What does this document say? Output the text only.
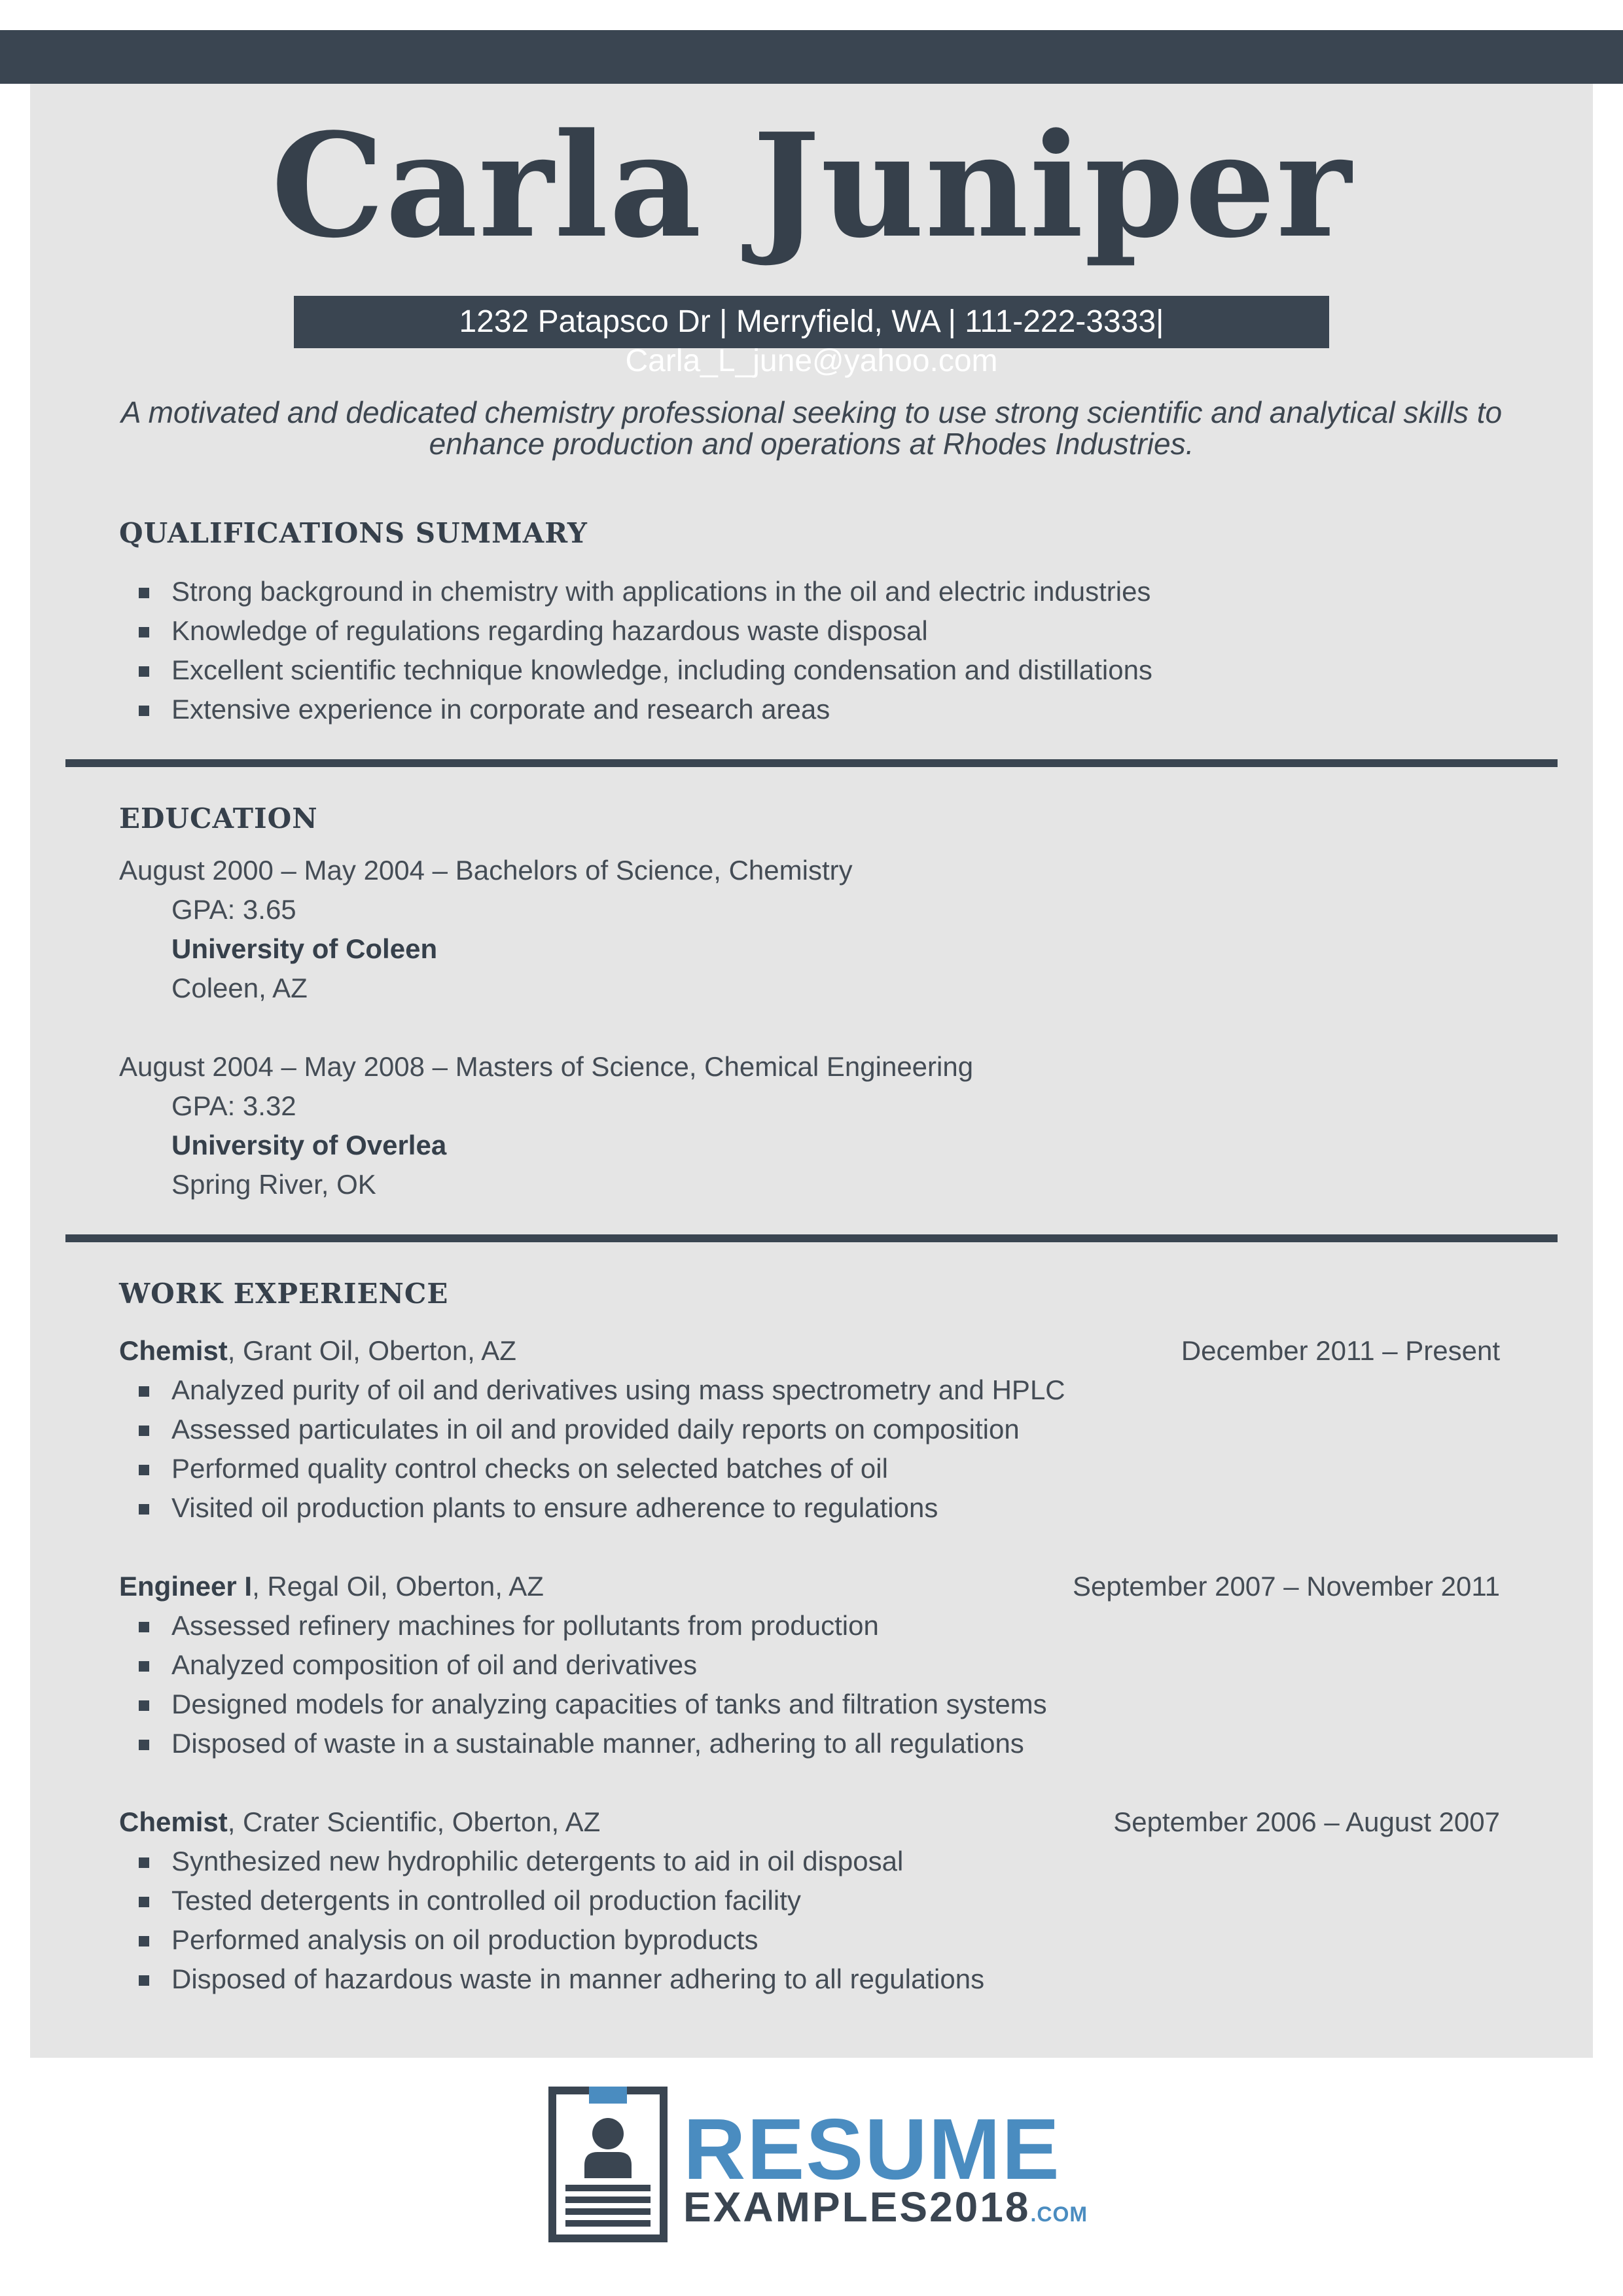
Carla Juniper
1232 Patapsco Dr | Merryfield, WA | 111-222-3333| Carla_L_june@yahoo.com
A motivated and dedicated chemistry professional seeking to use strong scientific and analytical skills to
enhance production and operations at Rhodes Industries.
QUALIFICATIONS SUMMARY
Strong background in chemistry with applications in the oil and electric industries
Knowledge of regulations regarding hazardous waste disposal
Excellent scientific technique knowledge, including condensation and distillations
Extensive experience in corporate and research areas
EDUCATION
August 2000 – May 2004 – Bachelors of Science, Chemistry
GPA: 3.65
University of Coleen
Coleen, AZ
August 2004 – May 2008 – Masters of Science, Chemical Engineering
GPA: 3.32
University of Overlea
Spring River, OK
WORK EXPERIENCE
Chemist, Grant Oil, Oberton, AZ	December 2011 – Present
Analyzed purity of oil and derivatives using mass spectrometry and HPLC
Assessed particulates in oil and provided daily reports on composition
Performed quality control checks on selected batches of oil
Visited oil production plants to ensure adherence to regulations
Engineer I, Regal Oil, Oberton, AZ	September 2007 – November 2011
Assessed refinery machines for pollutants from production
Analyzed composition of oil and derivatives
Designed models for analyzing capacities of tanks and filtration systems
Disposed of waste in a sustainable manner, adhering to all regulations
Chemist, Crater Scientific, Oberton, AZ	September 2006 – August 2007
Synthesized new hydrophilic detergents to aid in oil disposal
Tested detergents in controlled oil production facility
Performed analysis on oil production byproducts
Disposed of hazardous waste in manner adhering to all regulations
RESUME
EXAMPLES2018.COM
